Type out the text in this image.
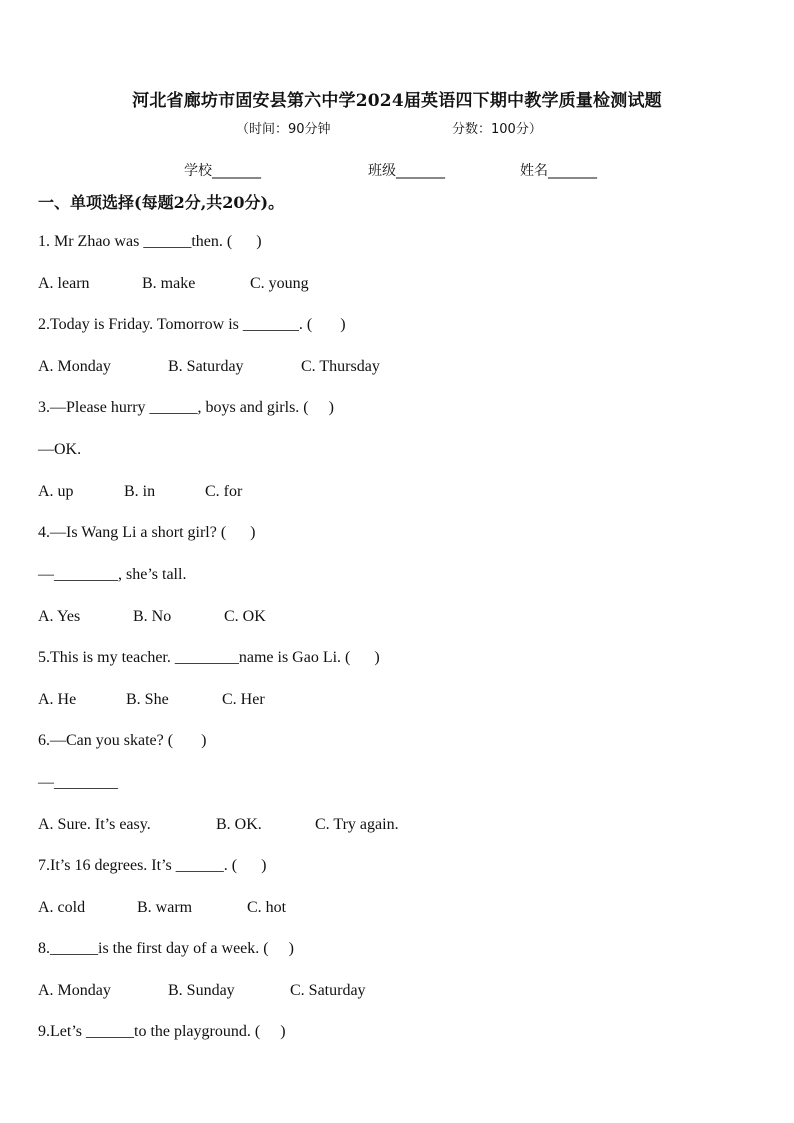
河北省廊坊市固安县第六中学2024届英语四下期中教学质量检测试题
（时间：90分钟	分数：100分）
学校_______	班级_______	姓名_______
一、单项选择(每题2分,共20分)。
1. Mr Zhao was ______then. (      )
A. learn	B. make	C. young
2.Today is Friday. Tomorrow is _______. (       )
A. Monday	B. Saturday	C. Thursday
3.—Please hurry ______, boys and girls. (     )
—OK.
A. up	B. in	C. for
4.—Is Wang Li a short girl? (      )
—________, she’s tall.
A. Yes	B. No	C. OK
5.This is my teacher. ________name is Gao Li. (      )
A. He	B. She	C. Her
6.—Can you skate? (       )
—________
A. Sure. It’s easy.	B. OK.	C. Try again.
7.It’s 16 degrees. It’s ______. (      )
A. cold	B. warm	C. hot
8.______is the first day of a week. (     )
A. Monday	B. Sunday	C. Saturday
9.Let’s ______to the playground. (     )
